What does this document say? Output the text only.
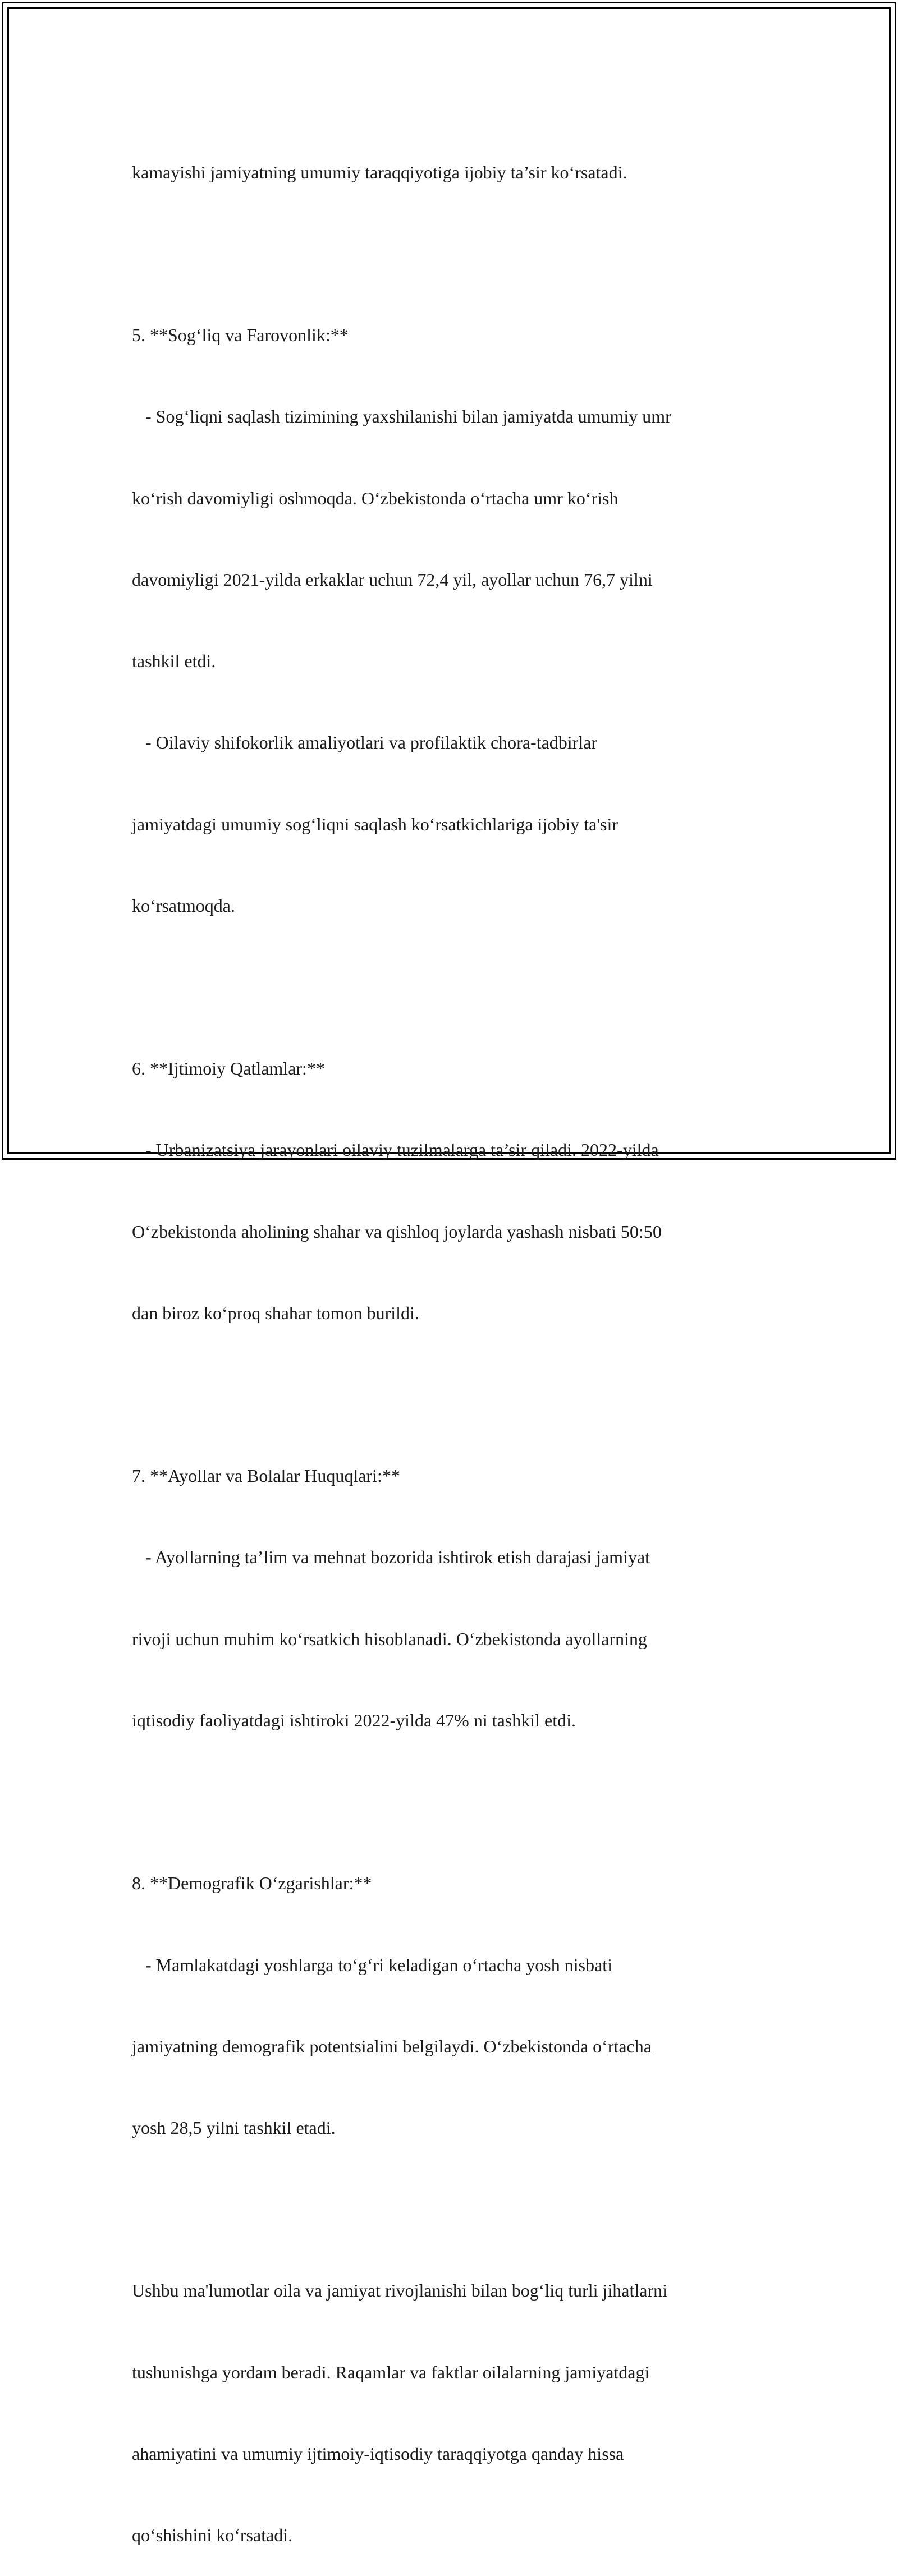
kamayishi jamiyatning umumiy taraqqiyotiga ijobiy ta’sir koʻrsatadi.

5. **Sogʻliq va Farovonlik:**

- Sogʻliqni saqlash tizimining yaxshilanishi bilan jamiyatda umumiy umr

koʻrish davomiyligi oshmoqda. Oʻzbekistonda oʻrtacha umr koʻrish

davomiyligi 2021-yilda erkaklar uchun 72,4 yil, ayollar uchun 76,7 yilni

tashkil etdi.

- Oilaviy shifokorlik amaliyotlari va profilaktik chora-tadbirlar

jamiyatdagi umumiy sogʻliqni saqlash koʻrsatkichlariga ijobiy ta'sir

koʻrsatmoqda.

6. **Ijtimoiy Qatlamlar:**

- Urbanizatsiya jarayonlari oilaviy tuzilmalarga ta’sir qiladi. 2022-yilda

Oʻzbekistonda aholining shahar va qishloq joylarda yashash nisbati 50:50

dan biroz koʻproq shahar tomon burildi.

7. **Ayollar va Bolalar Huquqlari:**

- Ayollarning ta’lim va mehnat bozorida ishtirok etish darajasi jamiyat

rivoji uchun muhim koʻrsatkich hisoblanadi. Oʻzbekistonda ayollarning

iqtisodiy faoliyatdagi ishtiroki 2022-yilda 47% ni tashkil etdi.

8. **Demografik Oʻzgarishlar:**

- Mamlakatdagi yoshlarga toʻgʻri keladigan oʻrtacha yosh nisbati

jamiyatning demografik potentsialini belgilaydi. Oʻzbekistonda oʻrtacha

yosh 28,5 yilni tashkil etadi.

Ushbu ma'lumotlar oila va jamiyat rivojlanishi bilan bogʻliq turli jihatlarni

tushunishga yordam beradi. Raqamlar va faktlar oilalarning jamiyatdagi

ahamiyatini va umumiy ijtimoiy-iqtisodiy taraqqiyotga qanday hissa

qoʻshishini koʻrsatadi.
